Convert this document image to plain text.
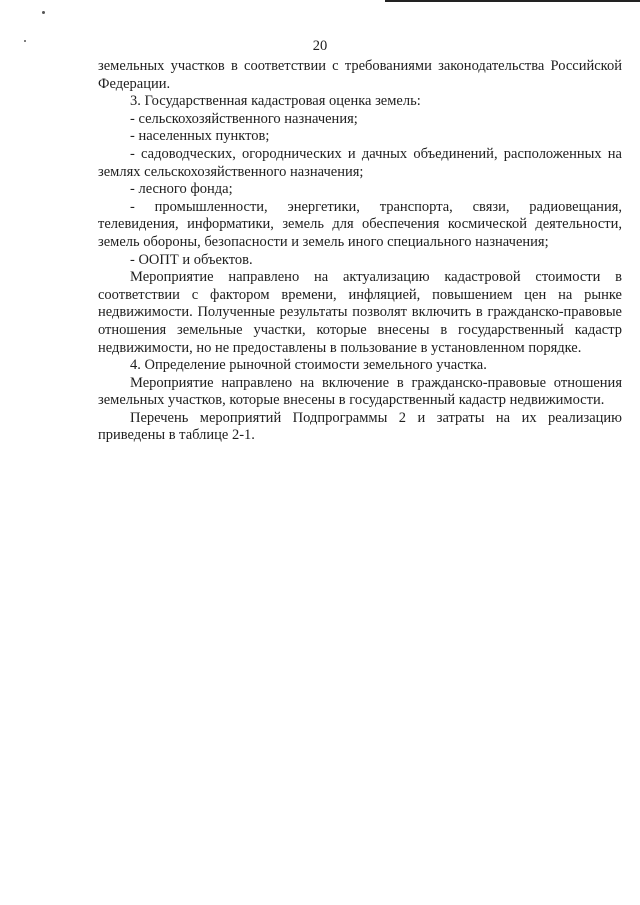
20

земельных участков в соответствии с требованиями законодательства Российской Федерации.

3. Государственная кадастровая оценка земель:

- сельскохозяйственного назначения;

- населенных пунктов;

- садоводческих, огороднических и дачных объединений, расположенных на землях сельскохозяйственного назначения;

- лесного фонда;

- промышленности, энергетики, транспорта, связи, радиовещания, телевидения, информатики, земель для обеспечения космической деятельности, земель обороны, безопасности и земель иного специального назначения;

- ООПТ и объектов.

Мероприятие направлено на актуализацию кадастровой стоимости в соответствии с фактором времени, инфляцией, повышением цен на рынке недвижимости. Полученные результаты позволят включить в гражданско-правовые отношения земельные участки, которые внесены в государственный кадастр недвижимости, но не предоставлены в пользование в установленном порядке.

4. Определение рыночной стоимости земельного участка.

Мероприятие направлено на включение в гражданско-правовые отношения земельных участков, которые внесены в государственный кадастр недвижимости.

Перечень мероприятий Подпрограммы 2 и затраты на их реализацию приведены в таблице 2-1.
